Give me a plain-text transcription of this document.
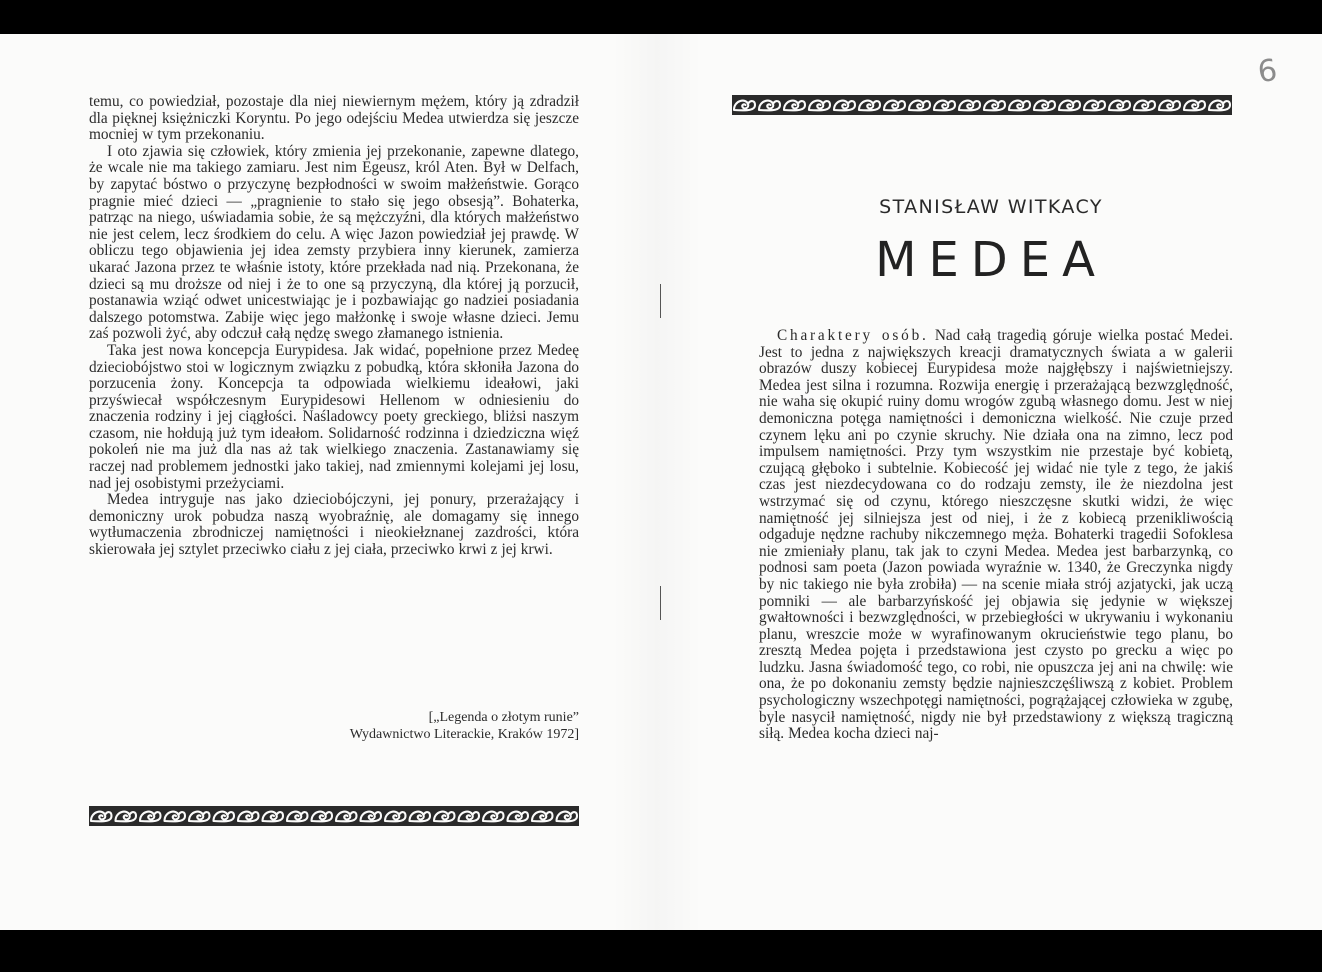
temu, co powiedział, pozostaje dla niej niewiernym mężem, który ją zdradził dla pięknej księżniczki Koryntu. Po jego odejściu Medea utwierdza się jeszcze mocniej w tym przekonaniu.

I oto zjawia się człowiek, który zmienia jej przekonanie, zapewne dlatego, że wcale nie ma takiego zamiaru. Jest nim Egeusz, król Aten. Był w Delfach, by zapytać bóstwo o przyczynę bezpłodności w swoim małżeństwie. Gorąco pragnie mieć dzieci — „pragnienie to stało się jego obsesją”. Bohaterka, patrząc na niego, uświadamia sobie, że są mężczyźni, dla których małżeństwo nie jest celem, lecz środkiem do celu. A więc Jazon powiedział jej prawdę. W obliczu tego objawienia jej idea zemsty przybiera inny kierunek, zamierza ukarać Jazona przez te właśnie istoty, które przekłada nad nią. Przekonana, że dzieci są mu droższe od niej i że to one są przyczyną, dla której ją porzucił, postanawia wziąć odwet unicestwiając je i pozbawiając go nadziei posiadania dalszego potomstwa. Zabije więc jego małżonkę i swoje własne dzieci. Jemu zaś pozwoli żyć, aby odczuł całą nędzę swego złamanego istnienia.

Taka jest nowa koncepcja Eurypidesa. Jak widać, popełnione przez Medeę dzieciobójstwo stoi w logicznym związku z pobudką, która skłoniła Jazona do porzucenia żony. Koncepcja ta odpowiada wielkiemu ideałowi, jaki przyświecał współczesnym Eurypidesowi Hellenom w odniesieniu do znaczenia rodziny i jej ciągłości. Naśladowcy poety greckiego, bliżsi naszym czasom, nie hołdują już tym ideałom. Solidarność rodzinna i dziedziczna więź pokoleń nie ma już dla nas aż tak wielkiego znaczenia. Zastanawiamy się raczej nad problemem jednostki jako takiej, nad zmiennymi kolejami jej losu, nad jej osobistymi przeżyciami.

Medea intryguje nas jako dzieciobójczyni, jej ponury, przerażający i demoniczny urok pobudza naszą wyobraźnię, ale domagamy się innego wytłumaczenia zbrodniczej namiętności i nieokiełznanej zazdrości, która skierowała jej sztylet przeciwko ciału z jej ciała, przeciwko krwi z jej krwi.

[„Legenda o złotym runie”
Wydawnictwo Literackie, Kraków 1972]
6
STANISŁAW WITKACY
MEDEA

Charaktery osób. Nad całą tragedią góruje wielka postać Medei. Jest to jedna z największych kreacji dramatycznych świata a w galerii obrazów duszy kobiecej Eurypidesa może najgłębszy i najświetniejszy. Medea jest silna i rozumna. Rozwija energię i przerażającą bezwzględność, nie waha się okupić ruiny domu wrogów zgubą własnego domu. Jest w niej demoniczna potęga namiętności i demoniczna wielkość. Nie czuje przed czynem lęku ani po czynie skruchy. Nie działa ona na zimno, lecz pod impulsem namiętności. Przy tym wszystkim nie przestaje być kobietą, czującą głęboko i subtelnie. Kobiecość jej widać nie tyle z tego, że jakiś czas jest niezdecydowana co do rodzaju zemsty, ile że niezdolna jest wstrzymać się od czynu, którego nieszczęsne skutki widzi, że więc namiętność jej silniejsza jest od niej, i że z kobiecą przenikliwością odgaduje nędzne rachuby nikczemnego męża. Bohaterki tragedii Sofoklesa nie zmieniały planu, tak jak to czyni Medea. Medea jest barbarzynką, co podnosi sam poeta (Jazon powiada wyraźnie w. 1340, że Greczynka nigdy by nic takiego nie była zrobiła) — na scenie miała strój azjatycki, jak uczą pomniki — ale barbarzyńskość jej objawia się jedynie w większej gwałtowności i bezwzględności, w przebiegłości w ukrywaniu i wykonaniu planu, wreszcie może w wyrafinowanym okrucieństwie tego planu, bo zresztą Medea pojęta i przedstawiona jest czysto po grecku a więc po ludzku. Jasna świadomość tego, co robi, nie opuszcza jej ani na chwilę: wie ona, że po dokonaniu zemsty będzie najnieszczęśliwszą z kobiet. Problem psychologiczny wszechpotęgi namiętności, pogrążającej człowieka w zgubę, byle nasycił namiętność, nigdy nie był przedstawiony z większą tragiczną siłą. Medea kocha dzieci naj-
